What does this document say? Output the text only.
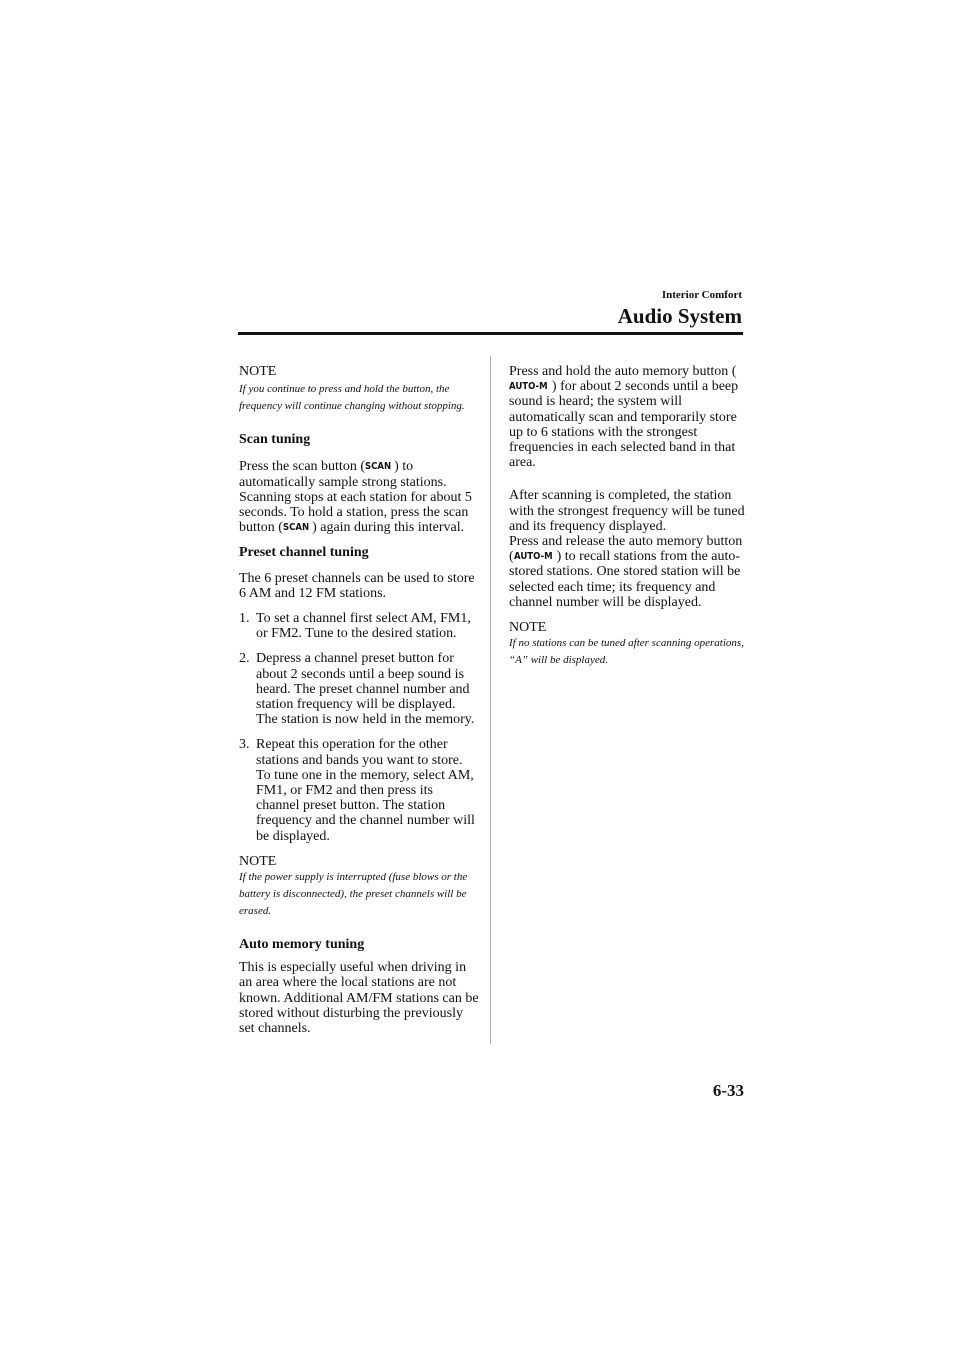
Interior Comfort
Audio System

NOTE

If you continue to press and hold the button, the frequency will continue changing without stopping.

Scan tuning

Press the scan button (SCAN ) to automatically sample strong stations. Scanning stops at each station for about 5 seconds. To hold a station, press the scan button (SCAN ) again during this interval.

Preset channel tuning

The 6 preset channels can be used to store 6 AM and 12 FM stations.

1. To set a channel first select AM, FM1, or FM2. Tune to the desired station.
2. Depress a channel preset button for about 2 seconds until a beep sound is heard. The preset channel number and station frequency will be displayed. The station is now held in the memory.
3. Repeat this operation for the other stations and bands you want to store. To tune one in the memory, select AM, FM1, or FM2 and then press its channel preset button. The station frequency and the channel number will be displayed.

NOTE

If the power supply is interrupted (fuse blows or the battery is disconnected), the preset channels will be erased.

Auto memory tuning

This is especially useful when driving in an area where the local stations are not known. Additional AM/FM stations can be stored without disturbing the previously set channels.

Press and hold the auto memory button (AUTO-M ) for about 2 seconds until a beep sound is heard; the system will automatically scan and temporarily store up to 6 stations with the strongest frequencies in each selected band in that area.

After scanning is completed, the station with the strongest frequency will be tuned and its frequency displayed.

Press and release the auto memory button (AUTO-M ) to recall stations from the auto-stored stations. One stored station will be selected each time; its frequency and channel number will be displayed.

NOTE

If no stations can be tuned after scanning operations, “A” will be displayed.

6-33
